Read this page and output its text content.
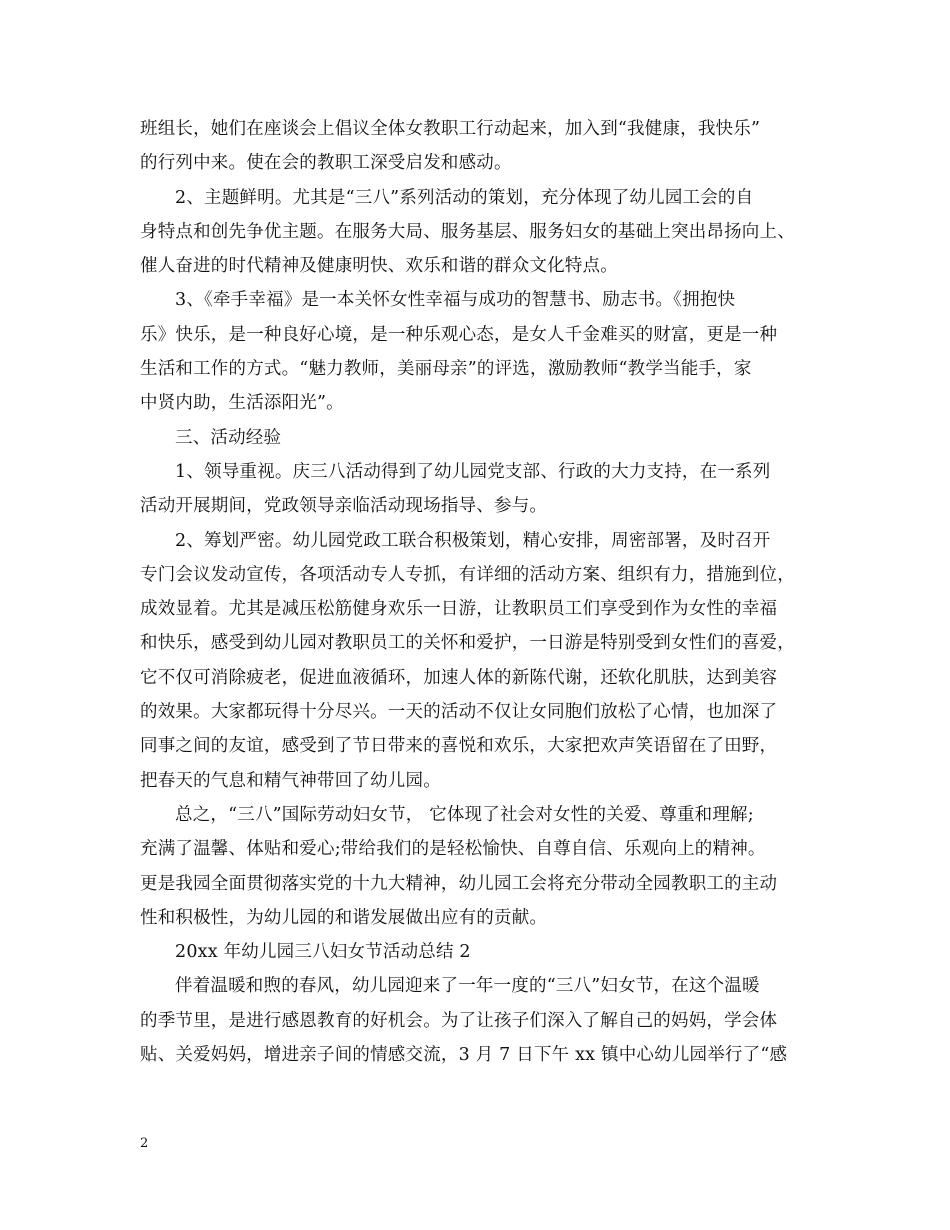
班组长，她们在座谈会上倡议全体女教职工行动起来，加入到“我健康，我快乐”
的行列中来。使在会的教职工深受启发和感动。
2、主题鲜明。尤其是“三八”系列活动的策划，充分体现了幼儿园工会的自
身特点和创先争优主题。在服务大局、服务基层、服务妇女的基础上突出昂扬向上、
催人奋进的时代精神及健康明快、欢乐和谐的群众文化特点。
3、《牵手幸福》是一本关怀女性幸福与成功的智慧书、励志书。《拥抱快
乐》快乐，是一种良好心境，是一种乐观心态，是女人千金难买的财富，更是一种
生活和工作的方式。“魅力教师，美丽母亲”的评选，激励教师“教学当能手，家
中贤内助，生活添阳光”。
三、活动经验
1、领导重视。庆三八活动得到了幼儿园党支部、行政的大力支持，在一系列
活动开展期间，党政领导亲临活动现场指导、参与。
2、筹划严密。幼儿园党政工联合积极策划，精心安排，周密部署，及时召开
专门会议发动宣传，各项活动专人专抓，有详细的活动方案、组织有力，措施到位，
成效显着。尤其是减压松筋健身欢乐一日游，让教职员工们享受到作为女性的幸福
和快乐，感受到幼儿园对教职员工的关怀和爱护，一日游是特别受到女性们的喜爱，
它不仅可消除疲老，促进血液循环，加速人体的新陈代谢，还软化肌肤，达到美容
的效果。大家都玩得十分尽兴。一天的活动不仅让女同胞们放松了心情，也加深了
同事之间的友谊，感受到了节日带来的喜悦和欢乐，大家把欢声笑语留在了田野，
把春天的气息和精气神带回了幼儿园。
总之，“三八”国际劳动妇女节， 它体现了社会对女性的关爱、尊重和理解;
充满了温馨、体贴和爱心;带给我们的是轻松愉快、自尊自信、乐观向上的精神。
更是我园全面贯彻落实党的十九大精神，幼儿园工会将充分带动全园教职工的主动
性和积极性，为幼儿园的和谐发展做出应有的贡献。
20xx 年幼儿园三八妇女节活动总结 2
伴着温暖和煦的春风，幼儿园迎来了一年一度的“三八”妇女节，在这个温暖
的季节里，是进行感恩教育的好机会。为了让孩子们深入了解自己的妈妈，学会体
贴、关爱妈妈，增进亲子间的情感交流，3 月 7 日下午 xx 镇中心幼儿园举行了“感
2
